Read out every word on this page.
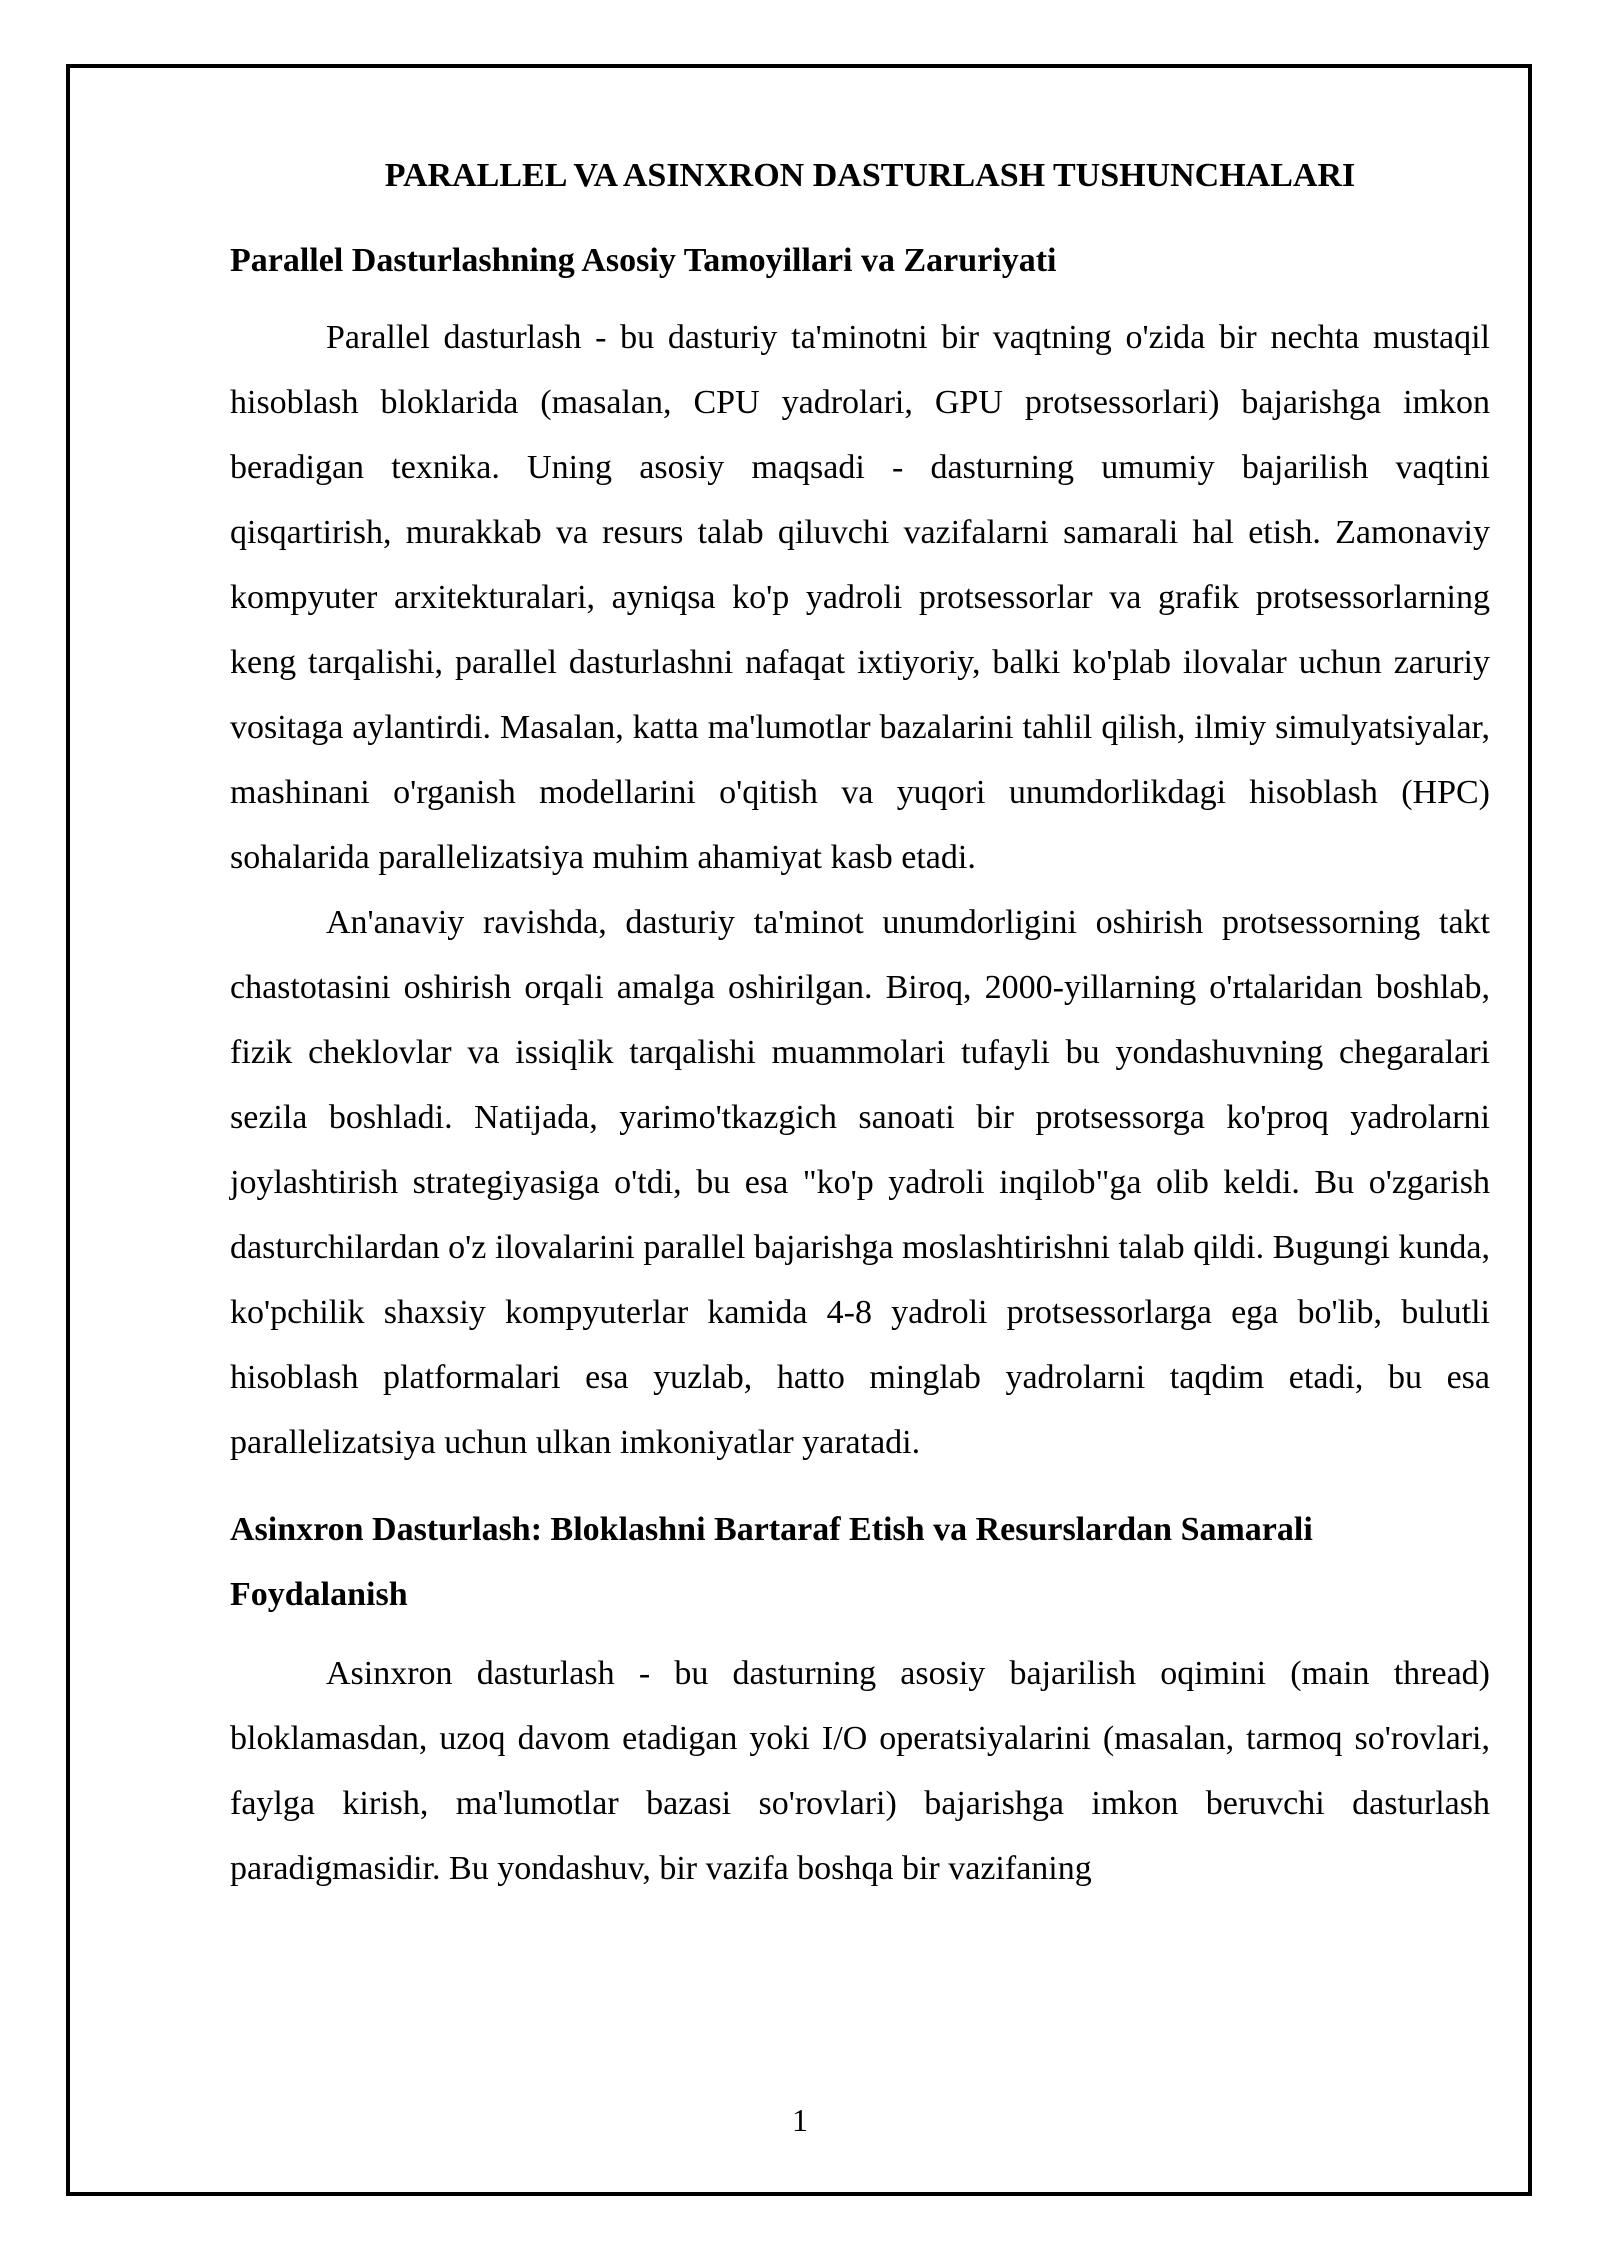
PARALLEL VA ASINXRON DASTURLASH TUSHUNCHALARI
Parallel Dasturlashning Asosiy Tamoyillari va Zaruriyati

Parallel dasturlash - bu dasturiy ta'minotni bir vaqtning o'zida bir nechta mustaqil hisoblash bloklarida (masalan, CPU yadrolari, GPU protsessorlari) bajarishga imkon beradigan texnika. Uning asosiy maqsadi - dasturning umumiy bajarilish vaqtini qisqartirish, murakkab va resurs talab qiluvchi vazifalarni samarali hal etish. Zamonaviy kompyuter arxitekturalari, ayniqsa ko'p yadroli protsessorlar va grafik protsessorlarning keng tarqalishi, parallel dasturlashni nafaqat ixtiyoriy, balki ko'plab ilovalar uchun zaruriy vositaga aylantirdi. Masalan, katta ma'lumotlar bazalarini tahlil qilish, ilmiy simulyatsiyalar, mashinani o'rganish modellarini o'qitish va yuqori unumdorlikdagi hisoblash (HPC) sohalarida parallelizatsiya muhim ahamiyat kasb etadi.

An'anaviy ravishda, dasturiy ta'minot unumdorligini oshirish protsessorning takt chastotasini oshirish orqali amalga oshirilgan. Biroq, 2000-yillarning o'rtalaridan boshlab, fizik cheklovlar va issiqlik tarqalishi muammolari tufayli bu yondashuvning chegaralari sezila boshladi. Natijada, yarimo'tkazgich sanoati bir protsessorga ko'proq yadrolarni joylashtirish strategiyasiga o'tdi, bu esa "ko'p yadroli inqilob"ga olib keldi. Bu o'zgarish dasturchilardan o'z ilovalarini parallel bajarishga moslashtirishni talab qildi. Bugungi kunda, ko'pchilik shaxsiy kompyuterlar kamida 4-8 yadroli protsessorlarga ega bo'lib, bulutli hisoblash platformalari esa yuzlab, hatto minglab yadrolarni taqdim etadi, bu esa parallelizatsiya uchun ulkan imkoniyatlar yaratadi.

Asinxron Dasturlash: Bloklashni Bartaraf Etish va Resurslardan Samarali Foydalanish

Asinxron dasturlash - bu dasturning asosiy bajarilish oqimini (main thread) bloklamasdan, uzoq davom etadigan yoki I/O operatsiyalarini (masalan, tarmoq so'rovlari, faylga kirish, ma'lumotlar bazasi so'rovlari) bajarishga imkon beruvchi dasturlash paradigmasidir. Bu yondashuv, bir vazifa boshqa bir vazifaning

1
